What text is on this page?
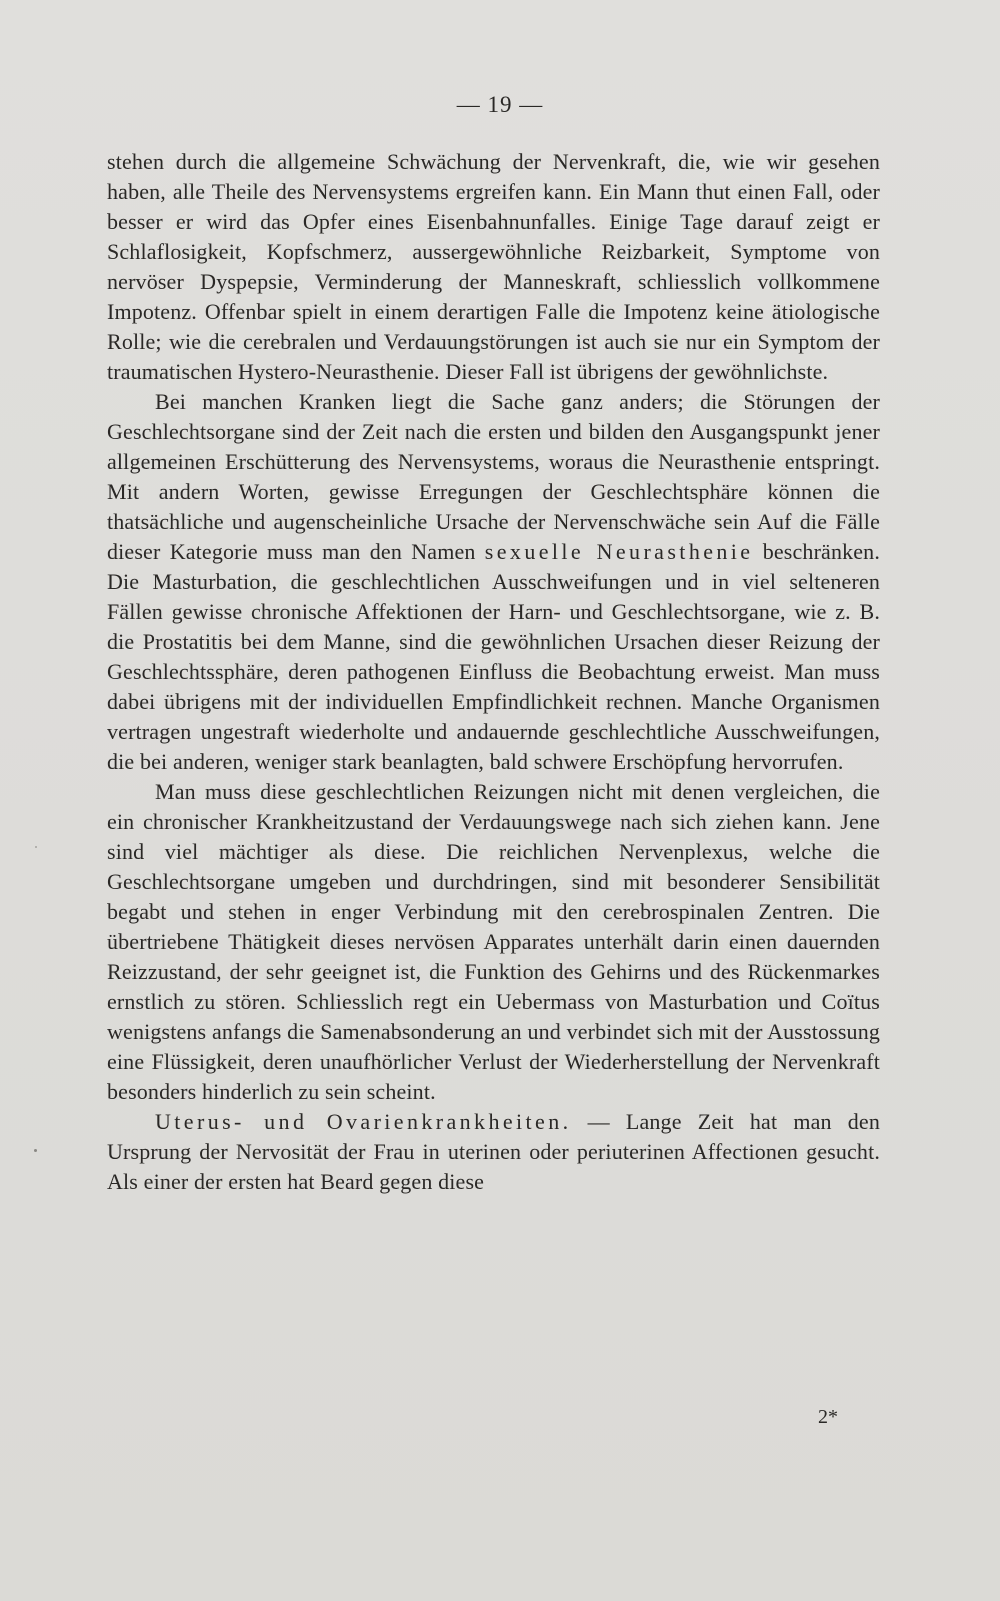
— 19 —

stehen durch die allgemeine Schwächung der Nervenkraft, die, wie wir gesehen haben, alle Theile des Nervensystems ergreifen kann. Ein Mann thut einen Fall, oder besser er wird das Opfer eines Eisenbahnunfalles. Einige Tage darauf zeigt er Schlaflosigkeit, Kopfschmerz, aussergewöhnliche Reizbarkeit, Symptome von nervöser Dyspepsie, Verminderung der Manneskraft, schliesslich vollkommene Impotenz. Offenbar spielt in einem derartigen Falle die Impotenz keine ätiologische Rolle; wie die cerebralen und Verdauungstörungen ist auch sie nur ein Symptom der traumatischen Hystero-Neurasthenie. Dieser Fall ist übrigens der gewöhnlichste.

Bei manchen Kranken liegt die Sache ganz anders; die Störungen der Geschlechtsorgane sind der Zeit nach die ersten und bilden den Ausgangspunkt jener allgemeinen Erschütterung des Nervensystems, woraus die Neurasthenie entspringt. Mit andern Worten, gewisse Erregungen der Geschlechtsphäre können die thatsächliche und augenscheinliche Ursache der Nervenschwäche sein Auf die Fälle dieser Kategorie muss man den Namen sexuelle Neurasthenie beschränken. Die Masturbation, die geschlechtlichen Ausschweifungen und in viel selteneren Fällen gewisse chronische Affektionen der Harn- und Geschlechtsorgane, wie z. B. die Prostatitis bei dem Manne, sind die gewöhnlichen Ursachen dieser Reizung der Geschlechtssphäre, deren pathogenen Einfluss die Beobachtung erweist. Man muss dabei übrigens mit der individuellen Empfindlichkeit rechnen. Manche Organismen vertragen ungestraft wiederholte und andauernde geschlechtliche Ausschweifungen, die bei anderen, weniger stark beanlagten, bald schwere Erschöpfung hervorrufen.

Man muss diese geschlechtlichen Reizungen nicht mit denen vergleichen, die ein chronischer Krankheitzustand der Verdauungswege nach sich ziehen kann. Jene sind viel mächtiger als diese. Die reichlichen Nervenplexus, welche die Geschlechtsorgane umgeben und durchdringen, sind mit besonderer Sensibilität begabt und stehen in enger Verbindung mit den cerebrospinalen Zentren. Die übertriebene Thätigkeit dieses nervösen Apparates unterhält darin einen dauernden Reizzustand, der sehr geeignet ist, die Funktion des Gehirns und des Rückenmarkes ernstlich zu stören. Schliesslich regt ein Uebermass von Masturbation und Coïtus wenigstens anfangs die Samenabsonderung an und verbindet sich mit der Ausstossung eine Flüssigkeit, deren unaufhörlicher Verlust der Wiederherstellung der Nervenkraft besonders hinderlich zu sein scheint.

Uterus- und Ovarienkrankheiten. — Lange Zeit hat man den Ursprung der Nervosität der Frau in uterinen oder periuterinen Affectionen gesucht. Als einer der ersten hat Beard gegen diese

2*
